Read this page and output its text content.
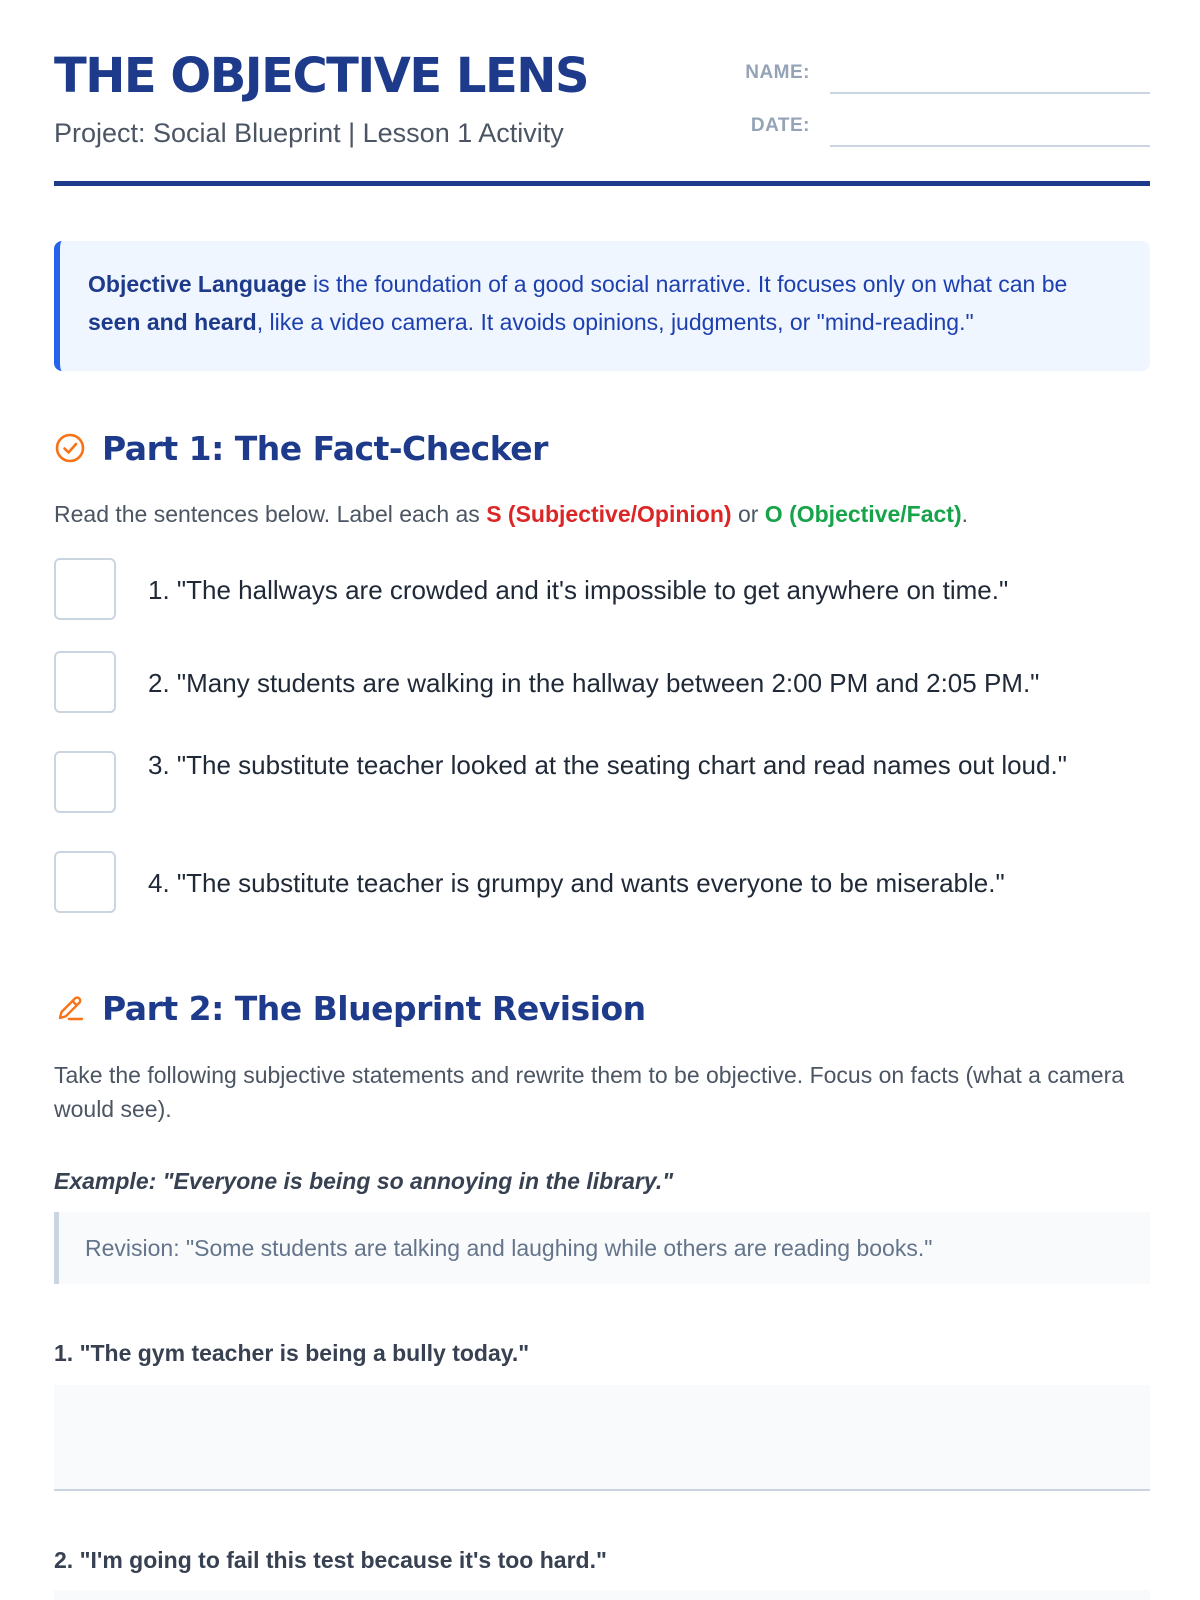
THE OBJECTIVE LENS
Project: Social Blueprint | Lesson 1 Activity
NAME:
DATE:
Objective Language is the foundation of a good social narrative. It focuses only on what can be seen and heard, like a video camera. It avoids opinions, judgments, or "mind-reading."
Part 1: The Fact-Checker
Read the sentences below. Label each as S (Subjective/Opinion) or O (Objective/Fact).
1. "The hallways are crowded and it's impossible to get anywhere on time."
2. "Many students are walking in the hallway between 2:00 PM and 2:05 PM."
3. "The substitute teacher looked at the seating chart and read names out loud."
4. "The substitute teacher is grumpy and wants everyone to be miserable."
Part 2: The Blueprint Revision
Take the following subjective statements and rewrite them to be objective. Focus on facts (what a camera would see).
Example: "Everyone is being so annoying in the library."
Revision: "Some students are talking and laughing while others are reading books."
1. "The gym teacher is being a bully today."
2. "I'm going to fail this test because it's too hard."
